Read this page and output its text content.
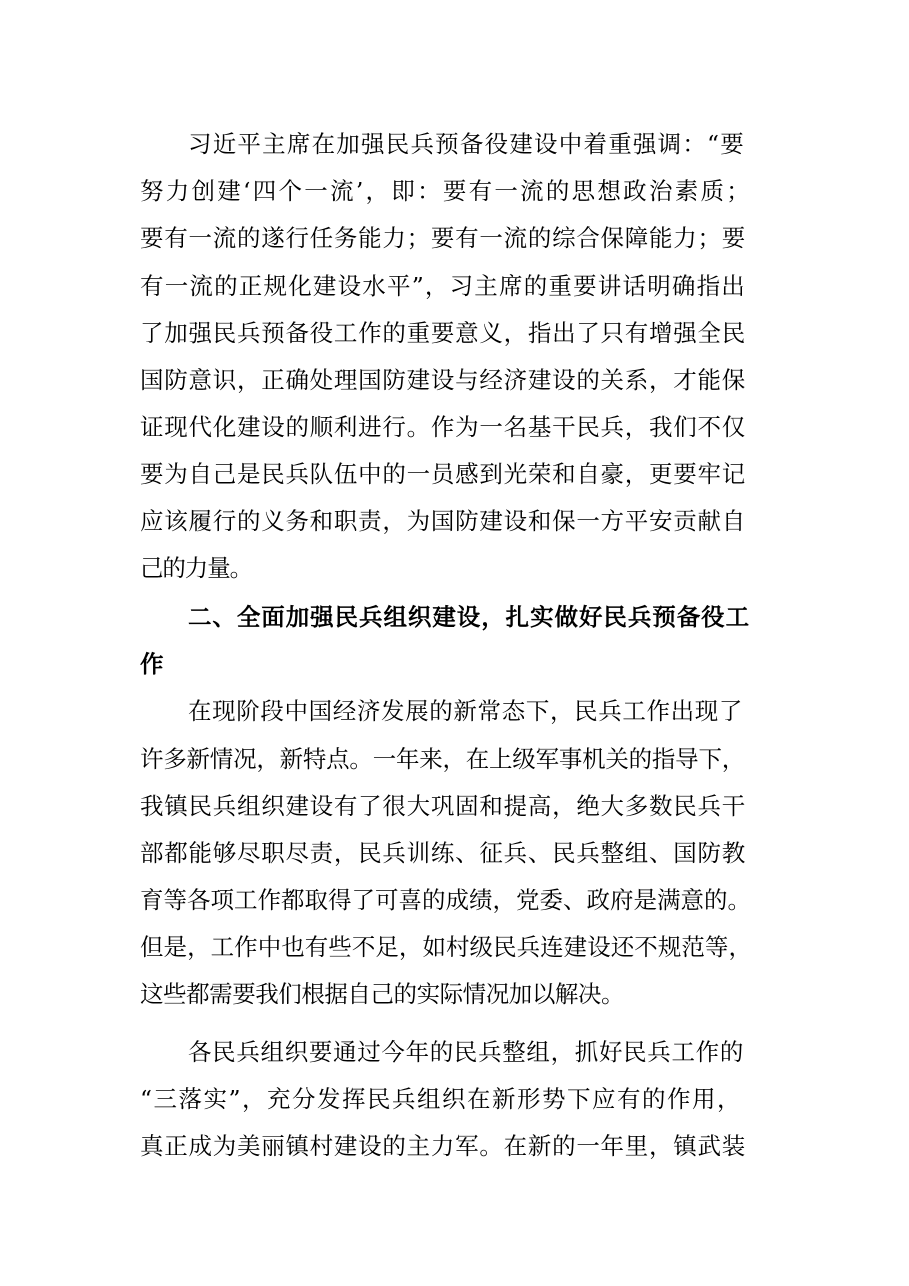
习近平主席在加强民兵预备役建设中着重强调：“要
努力创建‘四个一流’，即：要有一流的思想政治素质；
要有一流的遂行任务能力；要有一流的综合保障能力；要
有一流的正规化建设水平”，习主席的重要讲话明确指出
了加强民兵预备役工作的重要意义，指出了只有增强全民
国防意识，正确处理国防建设与经济建设的关系，才能保
证现代化建设的顺利进行。作为一名基干民兵，我们不仅
要为自己是民兵队伍中的一员感到光荣和自豪，更要牢记
应该履行的义务和职责，为国防建设和保一方平安贡献自
己的力量。
二、全面加强民兵组织建设，扎实做好民兵预备役工
作
在现阶段中国经济发展的新常态下，民兵工作出现了
许多新情况，新特点。一年来，在上级军事机关的指导下，
我镇民兵组织建设有了很大巩固和提高，绝大多数民兵干
部都能够尽职尽责，民兵训练、征兵、民兵整组、国防教
育等各项工作都取得了可喜的成绩，党委、政府是满意的。
但是，工作中也有些不足，如村级民兵连建设还不规范等，
这些都需要我们根据自己的实际情况加以解决。
各民兵组织要通过今年的民兵整组，抓好民兵工作的
“三落实”，充分发挥民兵组织在新形势下应有的作用，
真正成为美丽镇村建设的主力军。在新的一年里，镇武装
